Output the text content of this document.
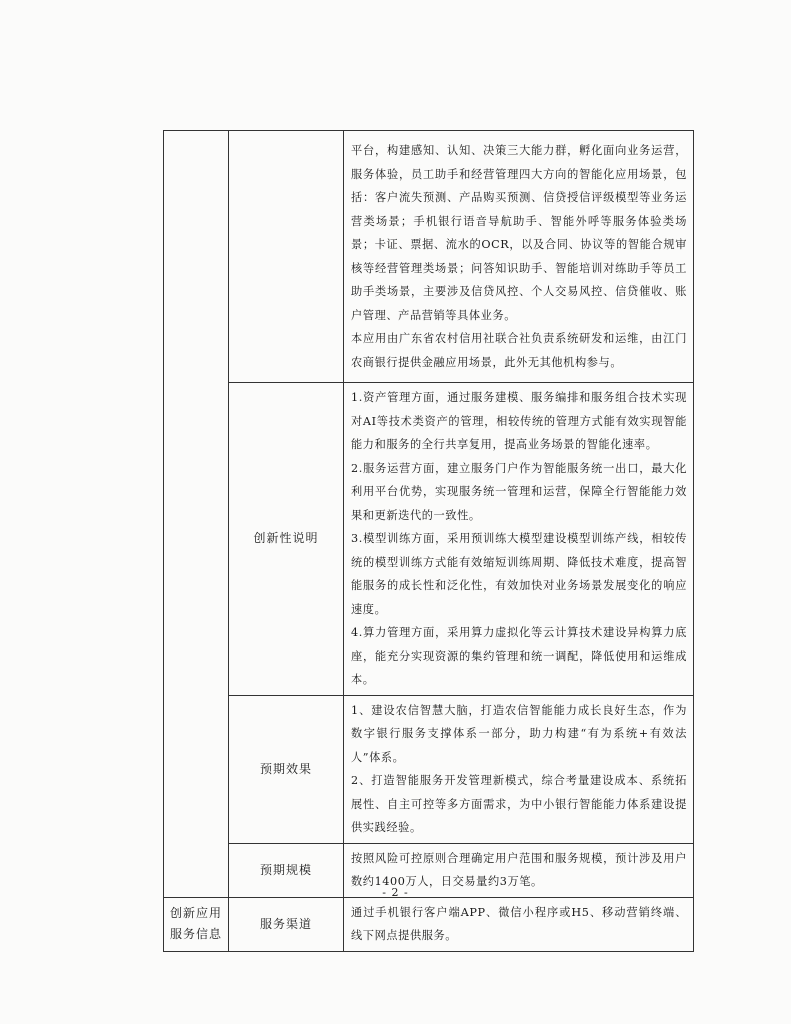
		平台，构建感知、认知、决策三大能力群，孵化面向业务运营，服务体验，员工助手和经营管理四大方向的智能化应用场景，包括：客户流失预测、产品购买预测、信贷授信评级模型等业务运营类场景；手机银行语音导航助手、智能外呼等服务体验类场景；卡证、票据、流水的OCR，以及合同、协议等的智能合规审核等经营管理类场景；问答知识助手、智能培训对练助手等员工助手类场景，主要涉及信贷风控、个人交易风控、信贷催收、账户管理、产品营销等具体业务。

本应用由广东省农村信用社联合社负责系统研发和运维，由江门农商银行提供金融应用场景，此外无其他机构参与。

	创新性说明	1.资产管理方面，通过服务建模、服务编排和服务组合技术实现对AI等技术类资产的管理，相较传统的管理方式能有效实现智能能力和服务的全行共享复用，提高业务场景的智能化速率。

2.服务运营方面，建立服务门户作为智能服务统一出口，最大化利用平台优势，实现服务统一管理和运营，保障全行智能能力效果和更新迭代的一致性。

3.模型训练方面，采用预训练大模型建设模型训练产线，相较传统的模型训练方式能有效缩短训练周期、降低技术难度，提高智能服务的成长性和泛化性，有效加快对业务场景发展变化的响应速度。

4.算力管理方面，采用算力虚拟化等云计算技术建设异构算力底座，能充分实现资源的集约管理和统一调配，降低使用和运维成本。

	预期效果	1、建设农信智慧大脑，打造农信智能能力成长良好生态，作为数字银行服务支撑体系一部分，助力构建“有为系统+有效法人”体系。

2、打造智能服务开发管理新模式，综合考量建设成本、系统拓展性、自主可控等多方面需求，为中小银行智能能力体系建设提供实践经验。

	预期规模	按照风险可控原则合理确定用户范围和服务规模，预计涉及用户数约1400万人，日交易量约3万笔。

创新应用
服务信息	服务渠道	通过手机银行客户端APP、微信小程序或H5、移动营销终端、线下网点提供服务。

- 2 -
